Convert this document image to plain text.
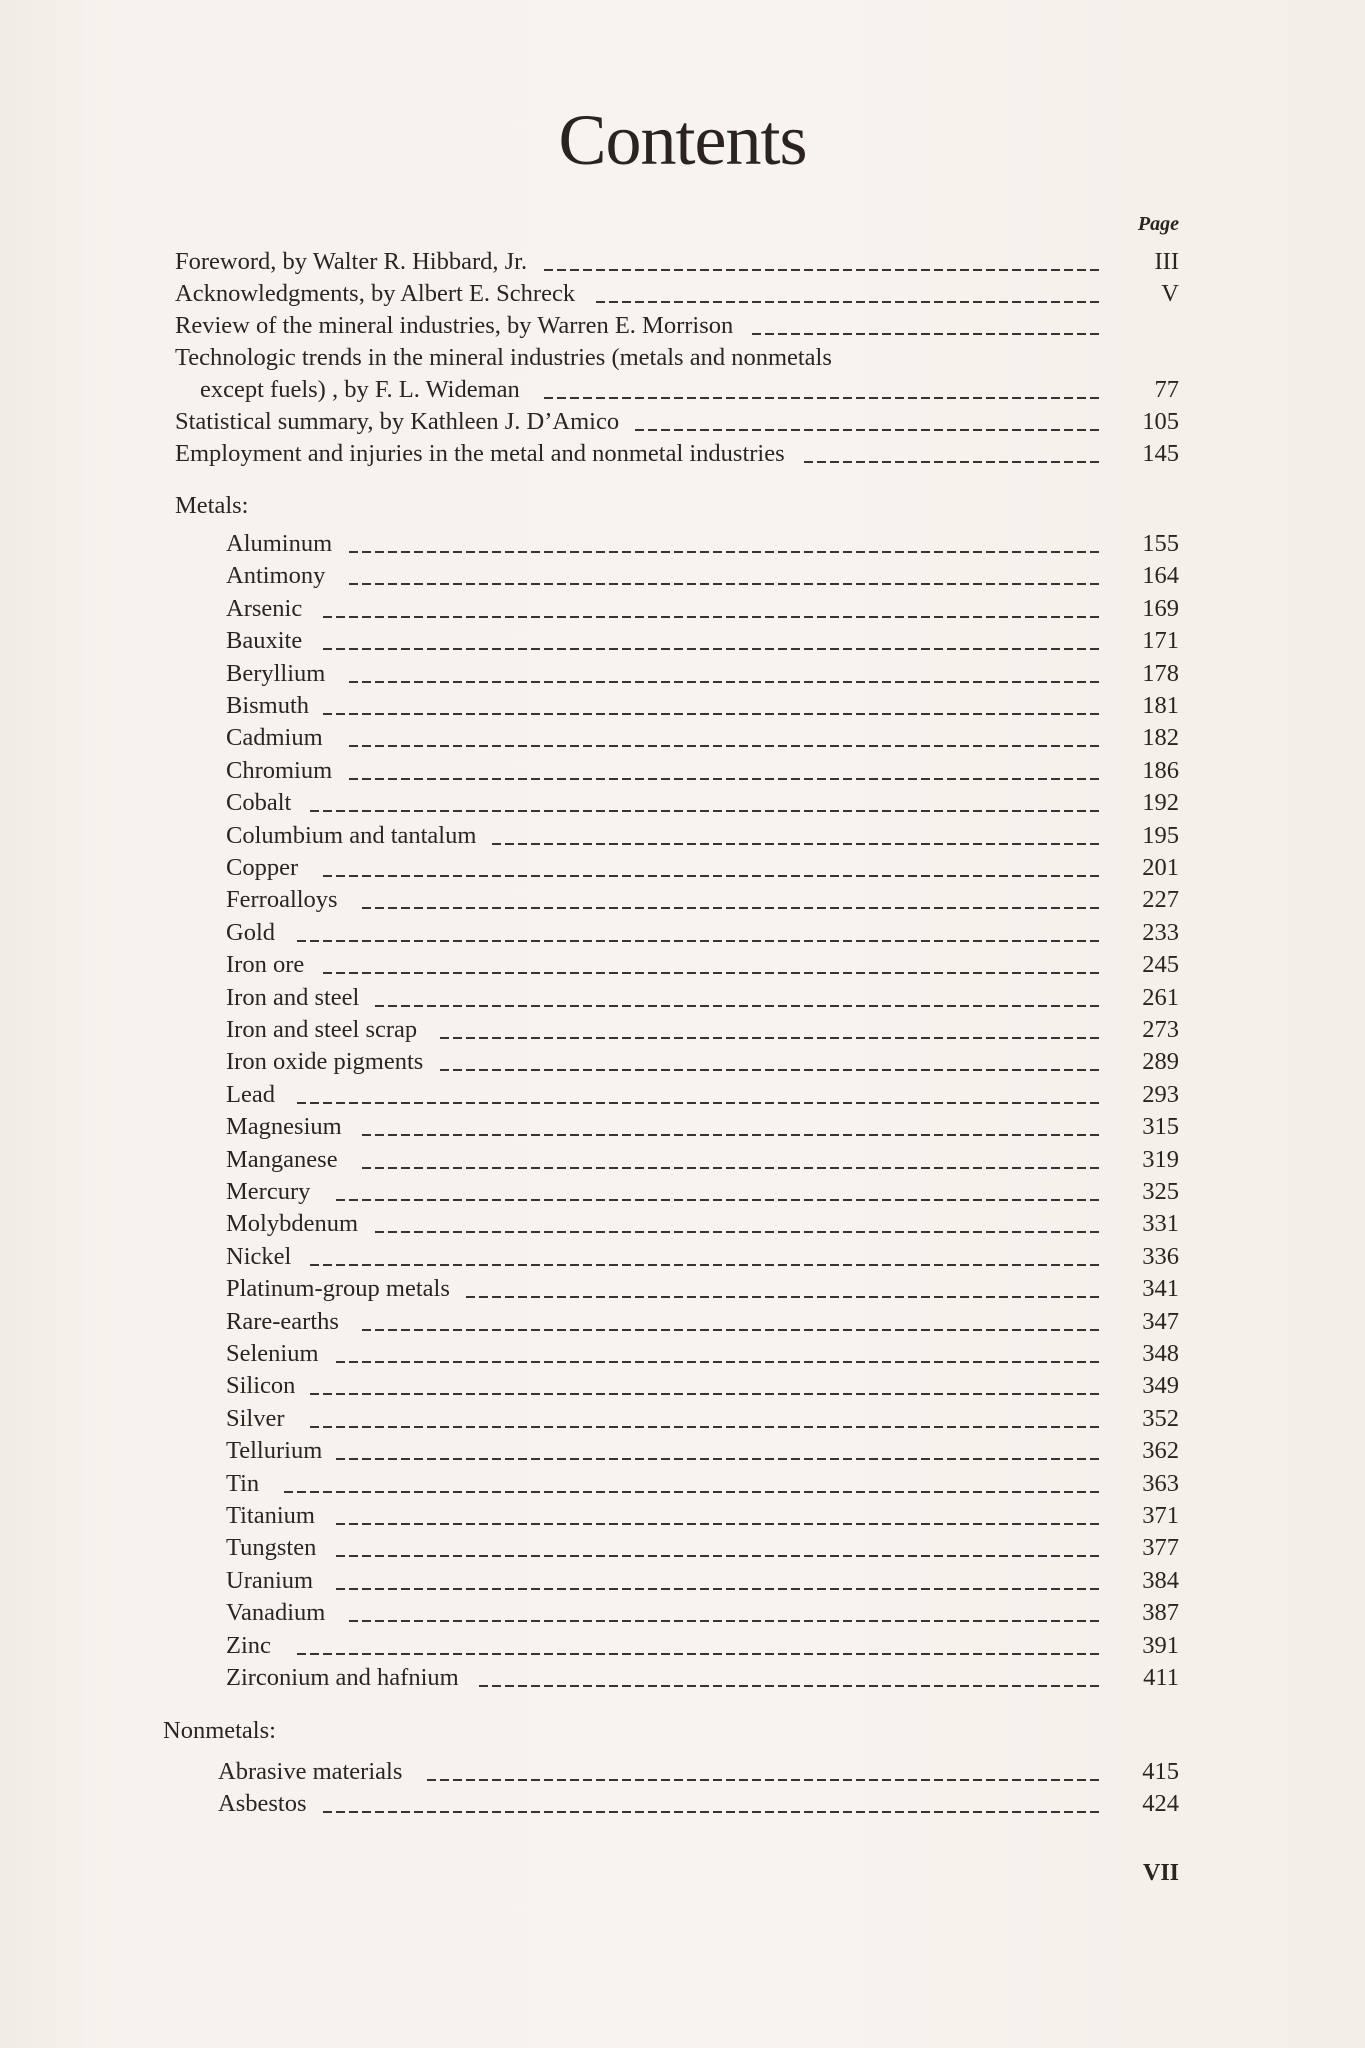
Contents
Page
Foreword, by Walter R. Hibbard, Jr.	III
Acknowledgments, by Albert E. Schreck	V
Review of the mineral industries, by Warren E. Morrison
Technologic trends in the mineral industries (metals and nonmetals
except fuels) , by F. L. Wideman	77
Statistical summary, by Kathleen J. D’Amico	105
Employment and injuries in the metal and nonmetal industries	145
Metals:
Aluminum	155
Antimony	164
Arsenic	169
Bauxite	171
Beryllium	178
Bismuth	181
Cadmium	182
Chromium	186
Cobalt	192
Columbium and tantalum	195
Copper	201
Ferroalloys	227
Gold	233
Iron ore	245
Iron and steel	261
Iron and steel scrap	273
Iron oxide pigments	289
Lead	293
Magnesium	315
Manganese	319
Mercury	325
Molybdenum	331
Nickel	336
Platinum-group metals	341
Rare-earths	347
Selenium	348
Silicon	349
Silver	352
Tellurium	362
Tin	363
Titanium	371
Tungsten	377
Uranium	384
Vanadium	387
Zinc	391
Zirconium and hafnium	411
Nonmetals:
Abrasive materials	415
Asbestos	424
VII
